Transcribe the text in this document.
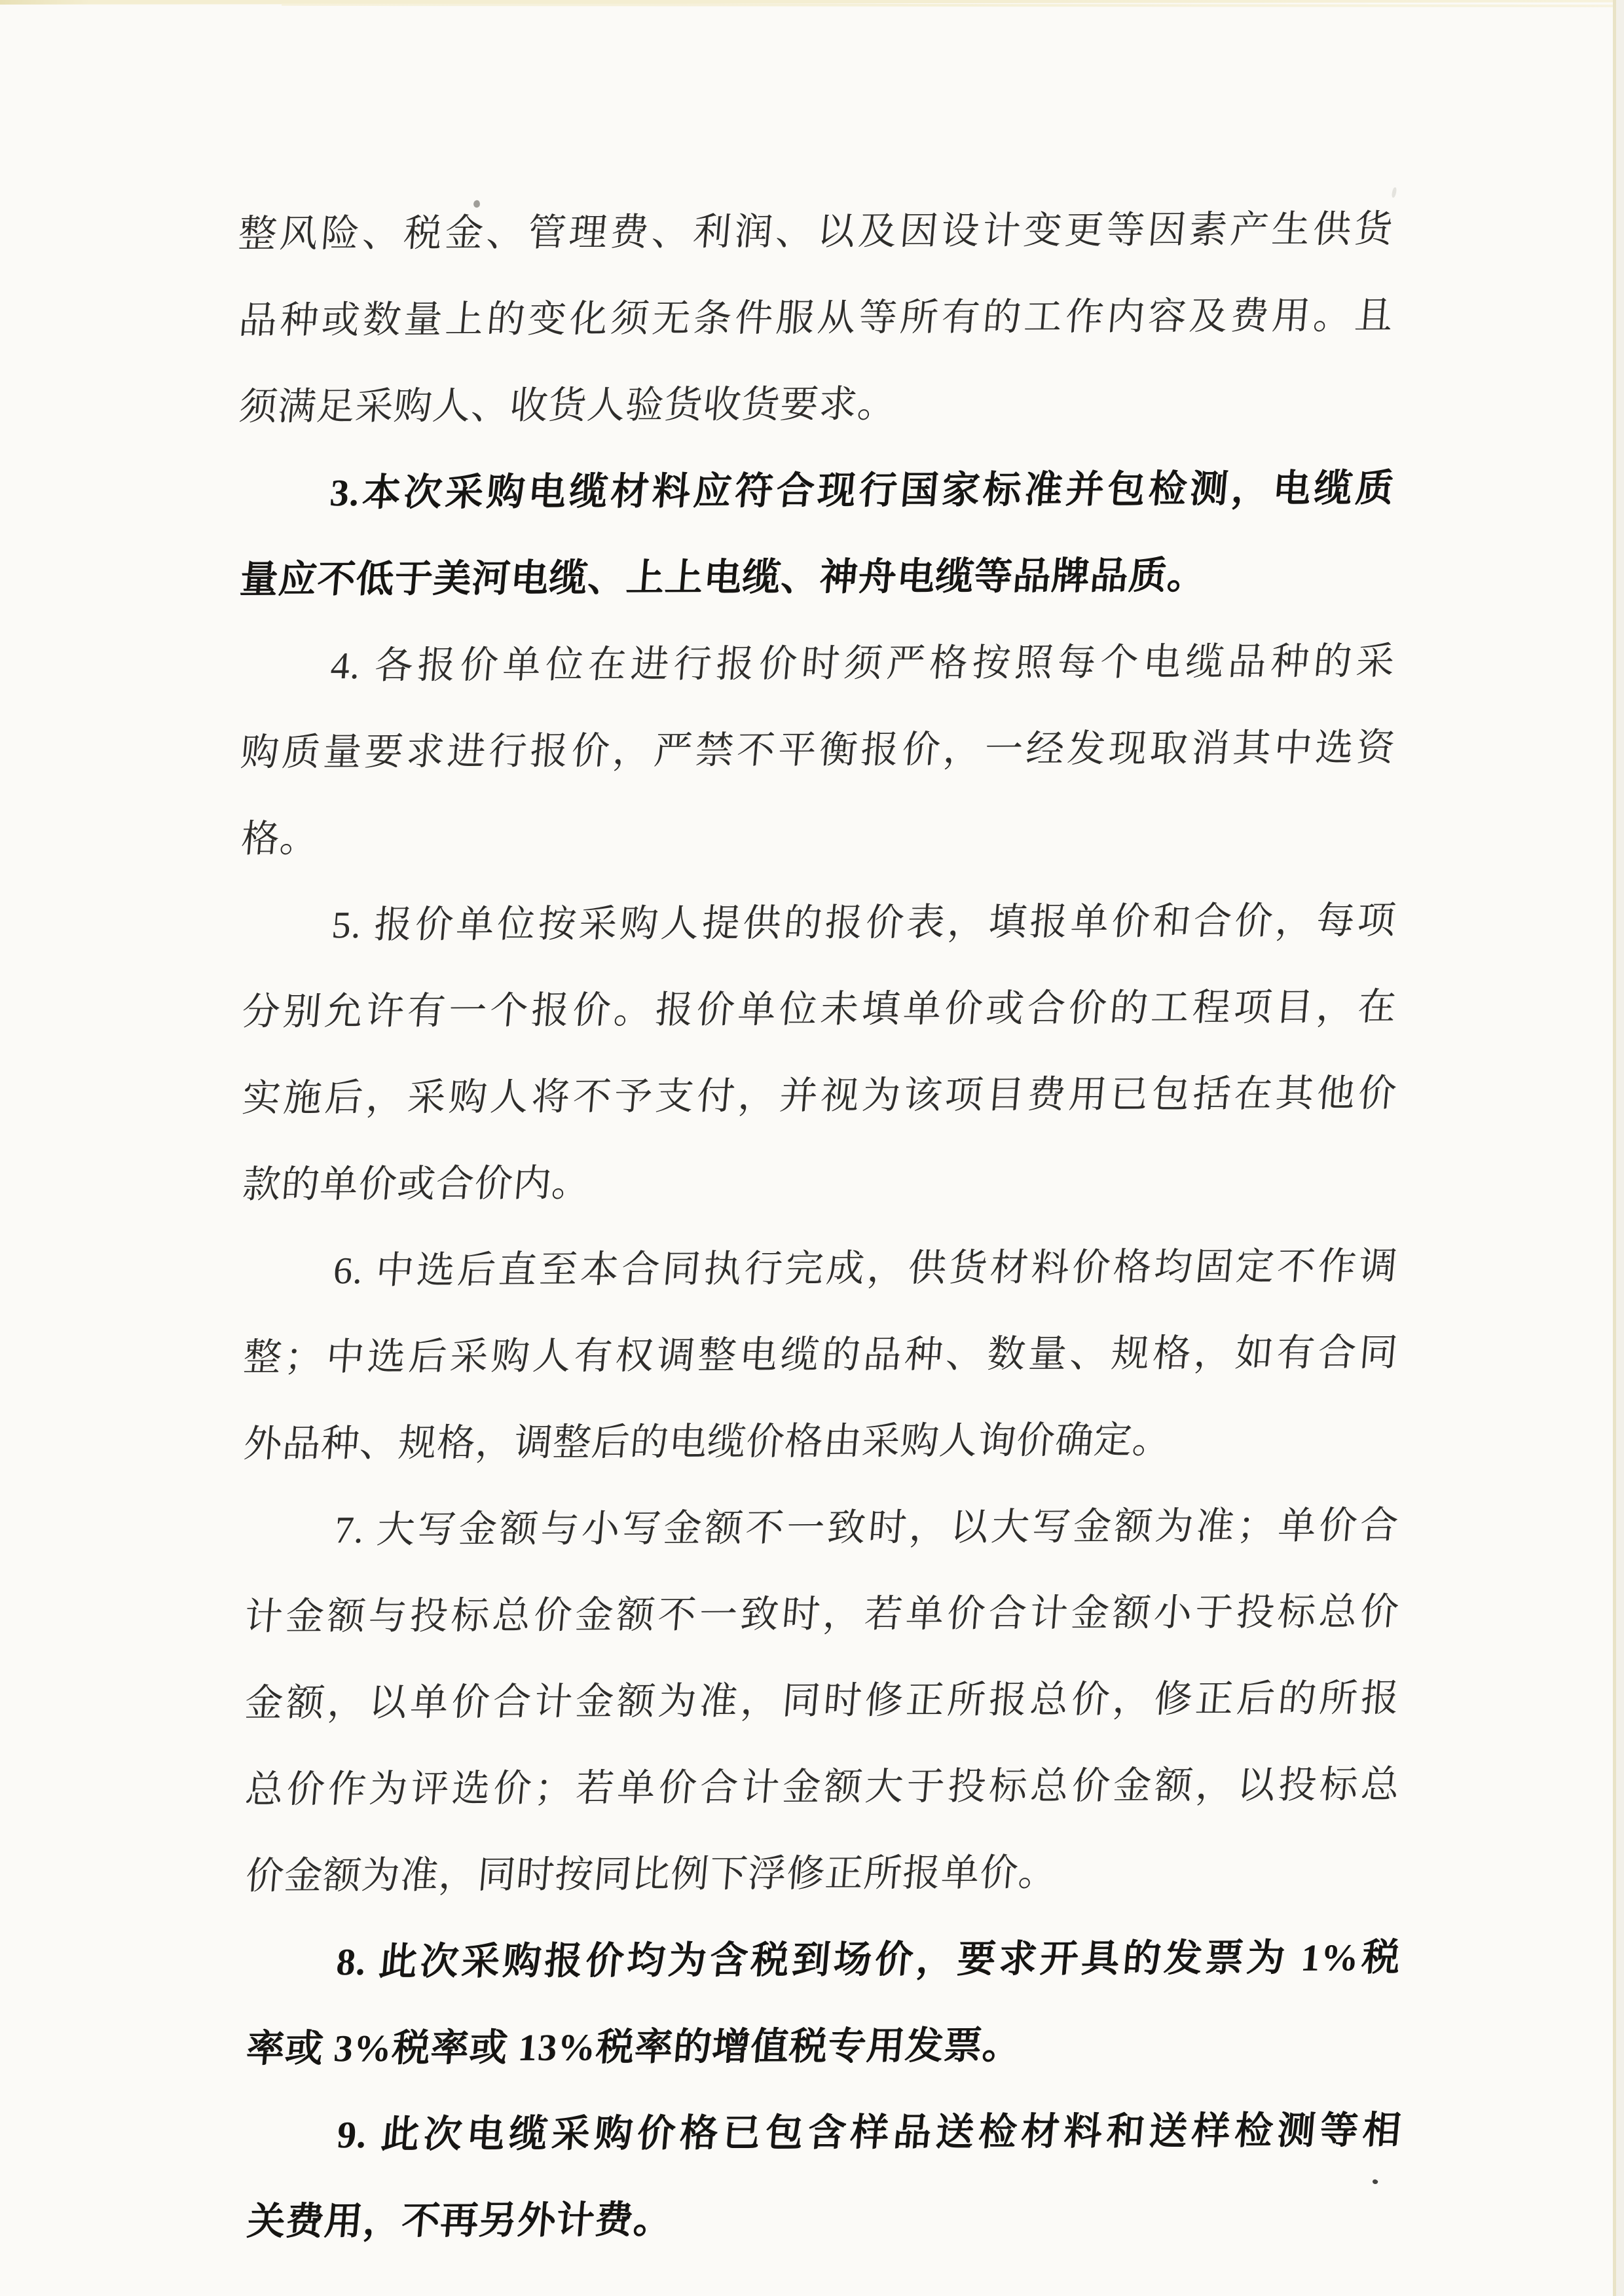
整风险、税金、管理费、利润、以及因设计变更等因素产生供货
品种或数量上的变化须无条件服从等所有的工作内容及费用。且
须满足采购人、收货人验货收货要求。
3.本次采购电缆材料应符合现行国家标准并包检测，电缆质
量应不低于美河电缆、上上电缆、神舟电缆等品牌品质。
4. 各报价单位在进行报价时须严格按照每个电缆品种的采
购质量要求进行报价，严禁不平衡报价，一经发现取消其中选资
格。
5. 报价单位按采购人提供的报价表，填报单价和合价，每项
分别允许有一个报价。报价单位未填单价或合价的工程项目，在
实施后，采购人将不予支付，并视为该项目费用已包括在其他价
款的单价或合价内。
6. 中选后直至本合同执行完成，供货材料价格均固定不作调
整；中选后采购人有权调整电缆的品种、数量、规格，如有合同
外品种、规格，调整后的电缆价格由采购人询价确定。
7. 大写金额与小写金额不一致时，以大写金额为准；单价合
计金额与投标总价金额不一致时，若单价合计金额小于投标总价
金额，以单价合计金额为准，同时修正所报总价，修正后的所报
总价作为评选价；若单价合计金额大于投标总价金额，以投标总
价金额为准，同时按同比例下浮修正所报单价。
8. 此次采购报价均为含税到场价，要求开具的发票为 1%税
率或 3%税率或 13%税率的增值税专用发票。
9. 此次电缆采购价格已包含样品送检材料和送样检测等相
关费用，不再另外计费。
